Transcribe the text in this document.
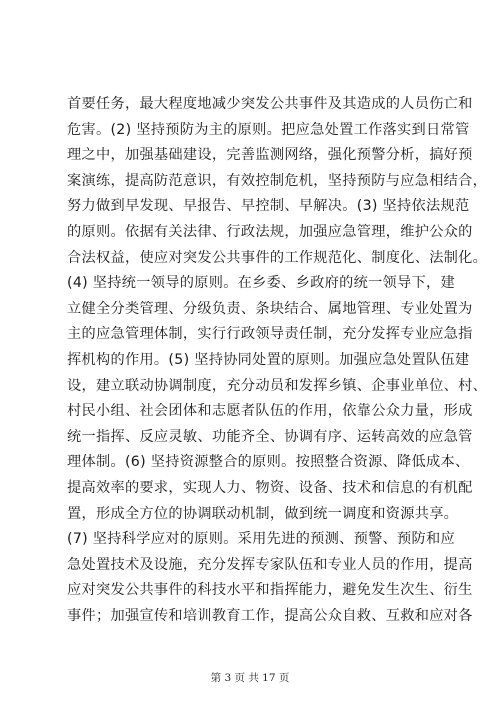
首要任务，最大程度地减少突发公共事件及其造成的人员伤亡和
危害。(2) 坚持预防为主的原则。把应急处置工作落实到日常管
理之中，加强基础建设，完善监测网络，强化预警分析，搞好预
案演练，提高防范意识，有效控制危机，坚持预防与应急相结合，
努力做到早发现、早报告、早控制、早解决。(3) 坚持依法规范
的原则。依据有关法律、行政法规，加强应急管理，维护公众的
合法权益，使应对突发公共事件的工作规范化、制度化、法制化。
(4) 坚持统一领导的原则。在乡委、乡政府的统一领导下，建
立健全分类管理、分级负责、条块结合、属地管理、专业处置为
主的应急管理体制，实行行政领导责任制，充分发挥专业应急指
挥机构的作用。(5) 坚持协同处置的原则。加强应急处置队伍建
设，建立联动协调制度，充分动员和发挥乡镇、企事业单位、村、
村民小组、社会团体和志愿者队伍的作用，依靠公众力量，形成
统一指挥、反应灵敏、功能齐全、协调有序、运转高效的应急管
理体制。(6) 坚持资源整合的原则。按照整合资源、降低成本、
提高效率的要求，实现人力、物资、设备、技术和信息的有机配
置，形成全方位的协调联动机制，做到统一调度和资源共享。
(7) 坚持科学应对的原则。采用先进的预测、预警、预防和应
急处置技术及设施，充分发挥专家队伍和专业人员的作用，提高
应对突发公共事件的科技水平和指挥能力，避免发生次生、衍生
事件；加强宣传和培训教育工作，提高公众自救、互救和应对各
第 3 页 共 17 页
